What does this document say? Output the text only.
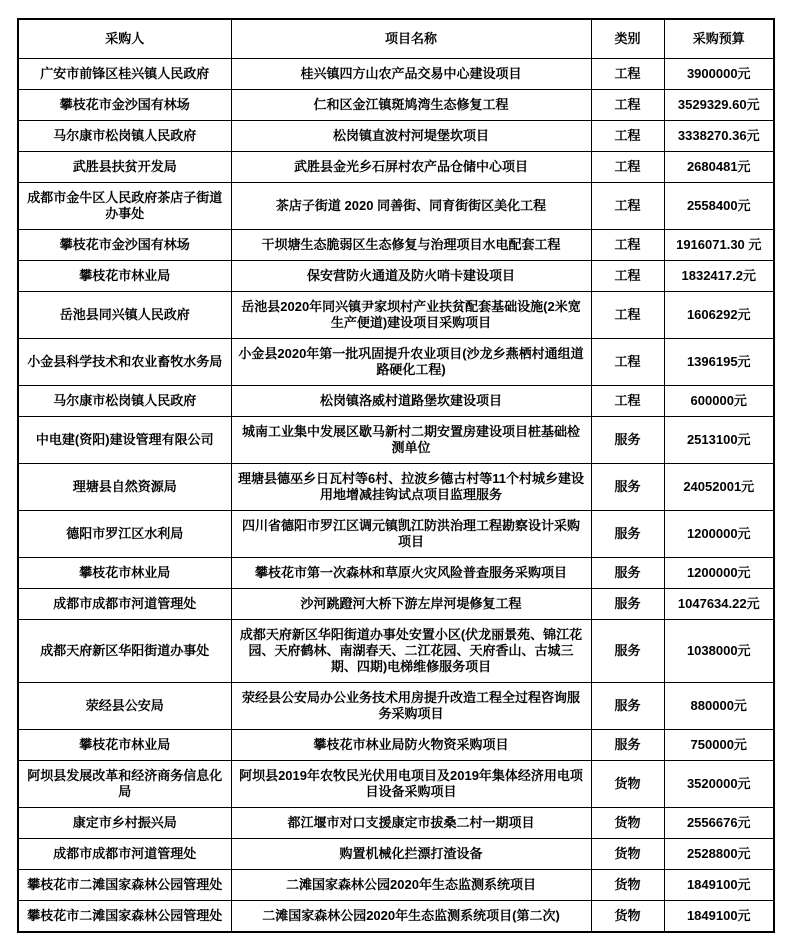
采购人	项目名称	类别	采购预算
广安市前锋区桂兴镇人民政府	桂兴镇四方山农产品交易中心建设项目	工程	3900000元
攀枝花市金沙国有林场	仁和区金江镇斑鸠湾生态修复工程	工程	3529329.60元
马尔康市松岗镇人民政府	松岗镇直波村河堤堡坎项目	工程	3338270.36元
武胜县扶贫开发局	武胜县金光乡石屏村农产品仓储中心项目	工程	2680481元
成都市金牛区人民政府茶店子街道办事处	茶店子街道 2020 同善街、同育街街区美化工程	工程	2558400元
攀枝花市金沙国有林场	干坝塘生态脆弱区生态修复与治理项目水电配套工程	工程	1916071.30 元
攀枝花市林业局	保安营防火通道及防火哨卡建设项目	工程	1832417.2元
岳池县同兴镇人民政府	岳池县2020年同兴镇尹家坝村产业扶贫配套基础设施(2米宽生产便道)建设项目采购项目	工程	1606292元
小金县科学技术和农业畜牧水务局	小金县2020年第一批巩固提升农业项目(沙龙乡燕栖村通组道路硬化工程)	工程	1396195元
马尔康市松岗镇人民政府	松岗镇洛威村道路堡坎建设项目	工程	600000元
中电建(资阳)建设管理有限公司	城南工业集中发展区歇马新村二期安置房建设项目桩基础检测单位	服务	2513100元
理塘县自然资源局	理塘县德巫乡日瓦村等6村、拉波乡德古村等11个村城乡建设用地增减挂钩试点项目监理服务	服务	24052001元
德阳市罗江区水利局	四川省德阳市罗江区调元镇凯江防洪治理工程勘察设计采购项目	服务	1200000元
攀枝花市林业局	攀枝花市第一次森林和草原火灾风险普查服务采购项目	服务	1200000元
成都市成都市河道管理处	沙河跳蹬河大桥下游左岸河堤修复工程	服务	1047634.22元
成都天府新区华阳街道办事处	成都天府新区华阳街道办事处安置小区(伏龙丽景苑、锦江花园、天府鹤林、南湖春天、二江花园、天府香山、古城三期、四期)电梯维修服务项目	服务	1038000元
荥经县公安局	荥经县公安局办公业务技术用房提升改造工程全过程咨询服务采购项目	服务	880000元
攀枝花市林业局	攀枝花市林业局防火物资采购项目	服务	750000元
阿坝县发展改革和经济商务信息化局	阿坝县2019年农牧民光伏用电项目及2019年集体经济用电项目设备采购项目	货物	3520000元
康定市乡村振兴局	都江堰市对口支援康定市拔桑二村一期项目	货物	2556676元
成都市成都市河道管理处	购置机械化拦漂打渣设备	货物	2528800元
攀枝花市二滩国家森林公园管理处	二滩国家森林公园2020年生态监测系统项目	货物	1849100元
攀枝花市二滩国家森林公园管理处	二滩国家森林公园2020年生态监测系统项目(第二次)	货物	1849100元
